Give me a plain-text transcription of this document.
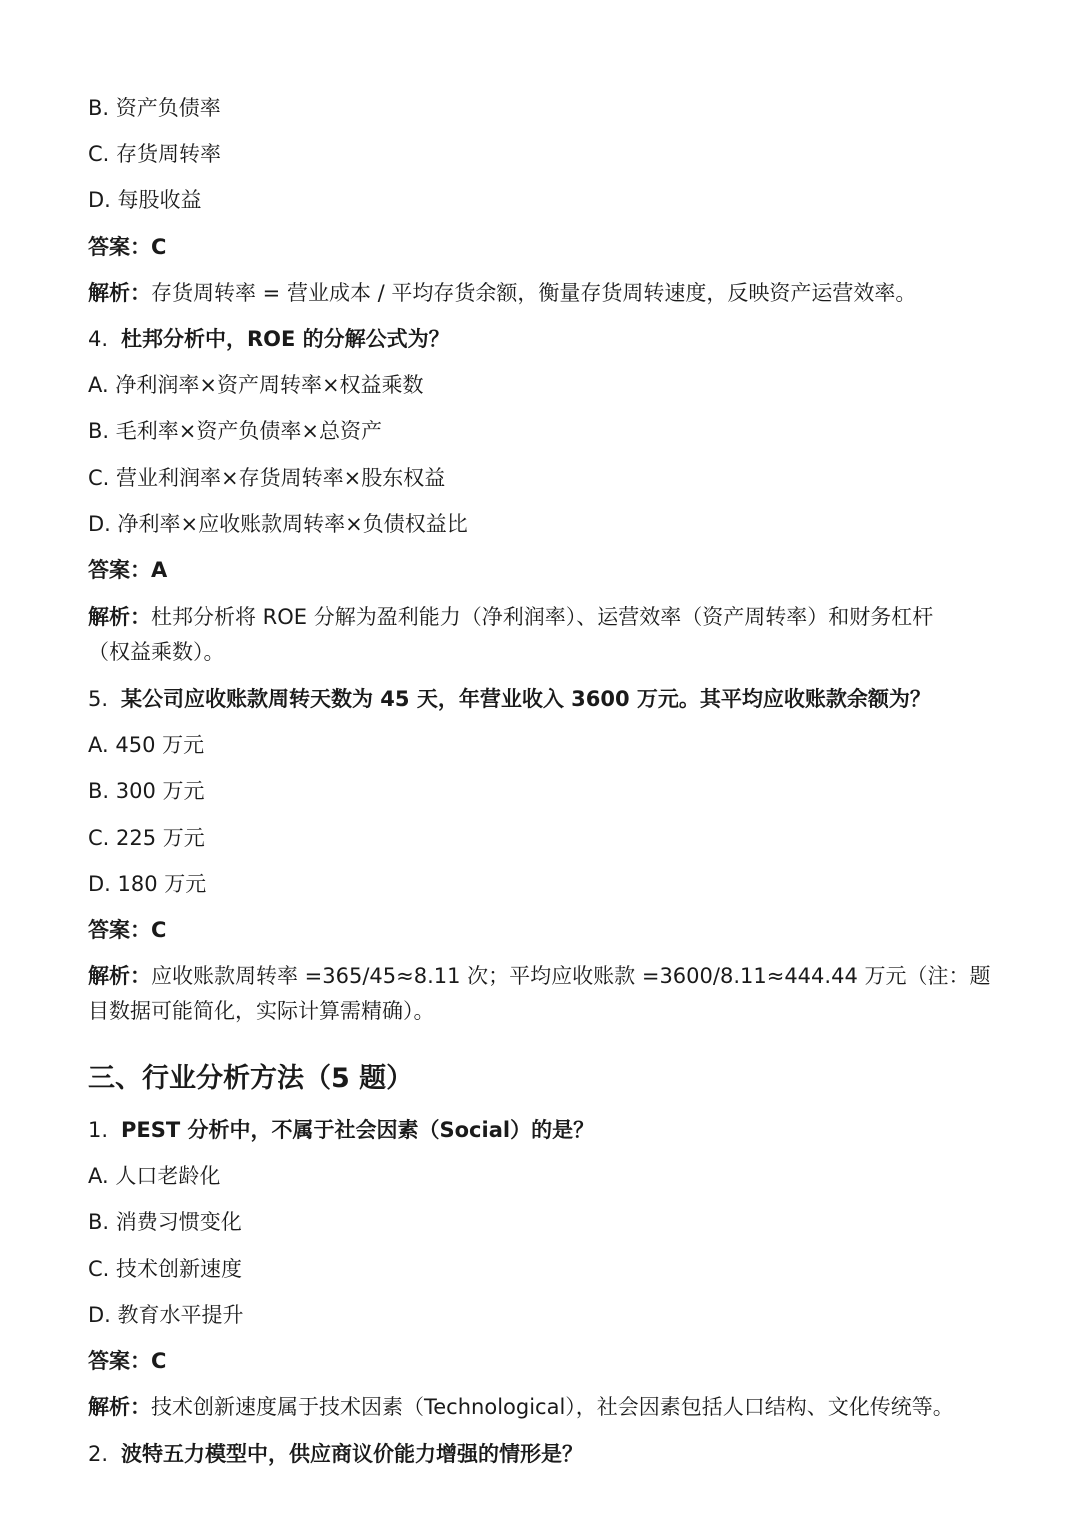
B. 资产负债率
C. 存货周转率
D. 每股收益
答案：C
解析：存货周转率 = 营业成本 / 平均存货余额，衡量存货周转速度，反映资产运营效率。
4. 杜邦分析中，ROE 的分解公式为？
A. 净利润率×资产周转率×权益乘数
B. 毛利率×资产负债率×总资产
C. 营业利润率×存货周转率×股东权益
D. 净利率×应收账款周转率×负债权益比
答案：A
解析：杜邦分析将 ROE 分解为盈利能力（净利润率）、运营效率（资产周转率）和财务杠杆（权益乘数）。
5. 某公司应收账款周转天数为 45 天，年营业收入 3600 万元。其平均应收账款余额为？
A. 450 万元
B. 300 万元
C. 225 万元
D. 180 万元
答案：C
解析：应收账款周转率 =365/45≈8.11 次；平均应收账款 =3600/8.11≈444.44 万元（注：题目数据可能简化，实际计算需精确）。
三、行业分析方法（5 题）
1. PEST 分析中，不属于社会因素（Social）的是？
A. 人口老龄化
B. 消费习惯变化
C. 技术创新速度
D. 教育水平提升
答案：C
解析：技术创新速度属于技术因素（Technological），社会因素包括人口结构、文化传统等。
2. 波特五力模型中，供应商议价能力增强的情形是？
